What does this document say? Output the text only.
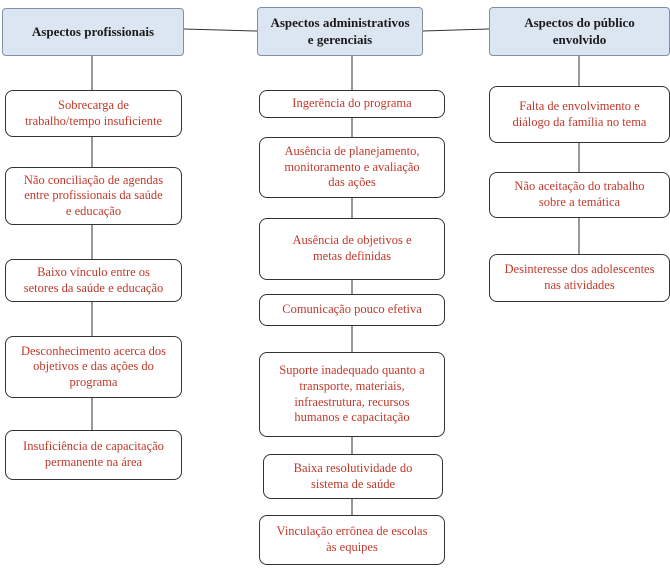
Aspectos profissionais
Sobrecarga de
trabalho/tempo insuficiente
Não conciliação de agendas
entre profissionais da saúde
e educação
Baixo vínculo entre os
setores da saúde e educação
Desconhecimento acerca dos
objetivos e das ações do
programa
Insuficiência de capacitação
permanente na área
Aspectos administrativos
e gerenciais
Ingerência do programa
Ausência de planejamento,
monitoramento e avaliação
das ações
Ausência de objetivos e
metas definidas
Comunicação pouco efetiva
Suporte inadequado quanto a
transporte, materiais,
infraestrutura, recursos
humanos e capacitação
Baixa resolutividade do
sistema de saúde
Vinculação errônea de escolas
às equipes
Aspectos do público
envolvido
Falta de envolvimento e
diálogo da família no tema
Não aceitação do trabalho
sobre a temática
Desinteresse dos adolescentes
nas atividades
